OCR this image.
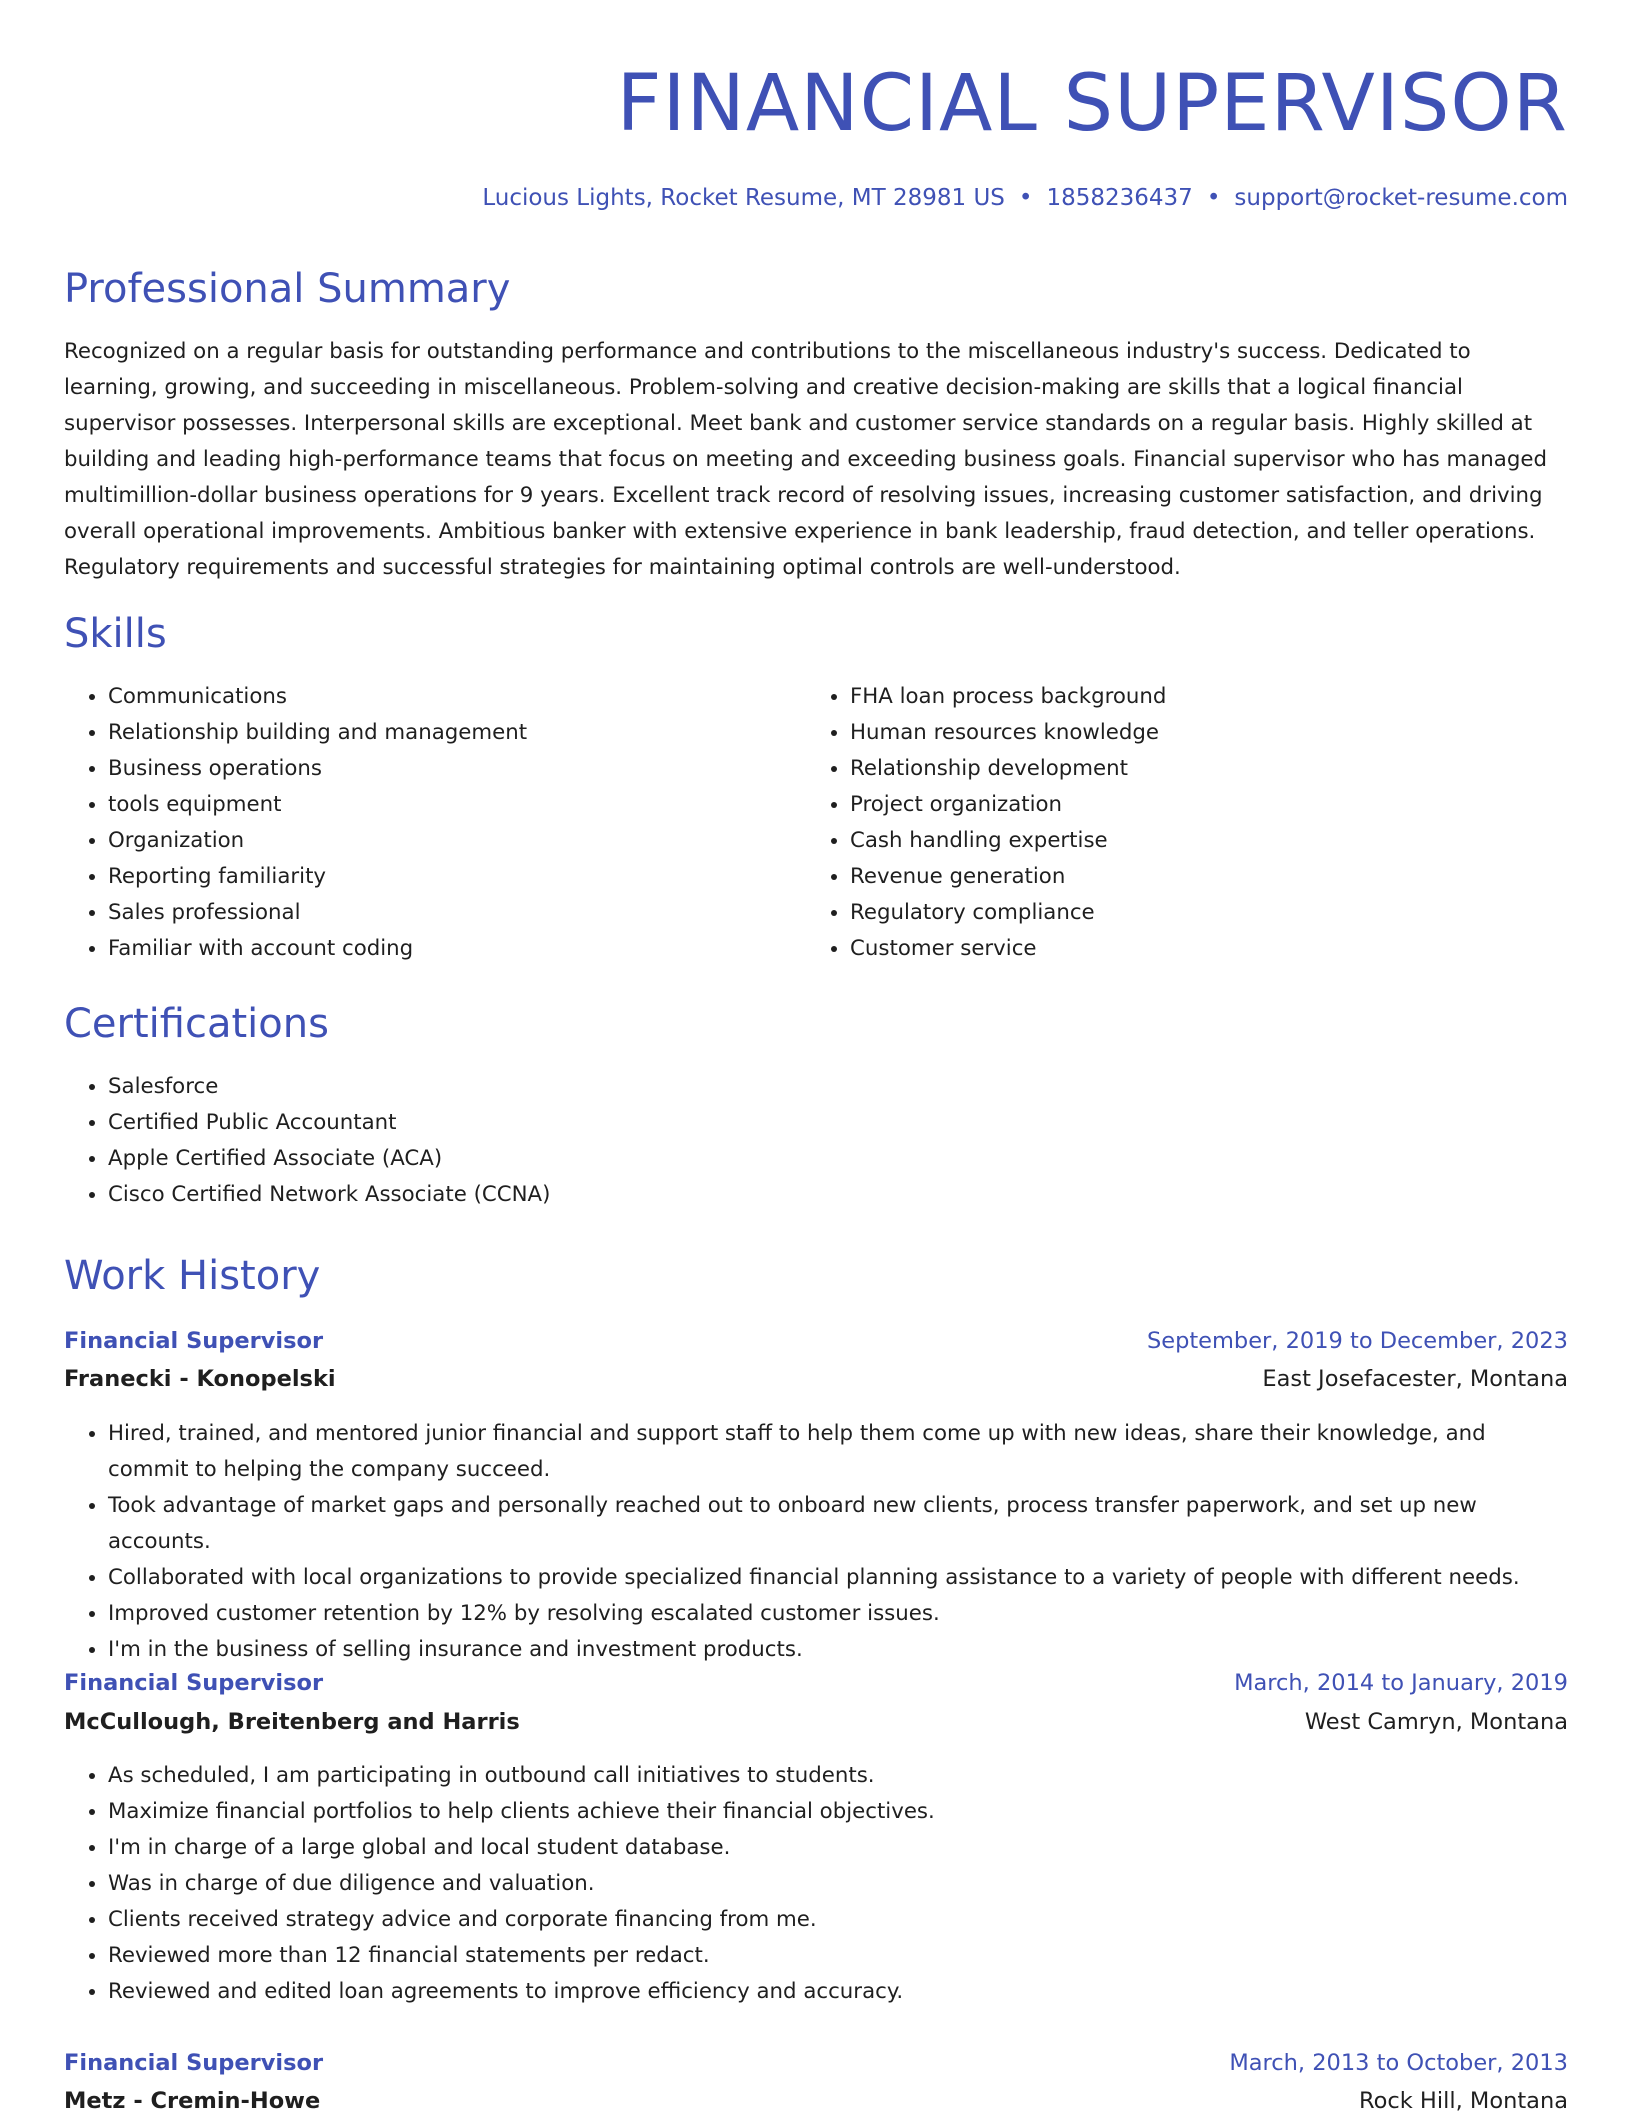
FINANCIAL SUPERVISOR
Lucious Lights, Rocket Resume, MT 28981 US • 1858236437 • support@rocket-resume.com
Professional Summary

Recognized on a regular basis for outstanding performance and contributions to the miscellaneous industry's success. Dedicated to learning, growing, and succeeding in miscellaneous. Problem-solving and creative decision-making are skills that a logical financial supervisor possesses. Interpersonal skills are exceptional. Meet bank and customer service standards on a regular basis. Highly skilled at building and leading high-performance teams that focus on meeting and exceeding business goals. Financial supervisor who has managed multimillion-dollar business operations for 9 years. Excellent track record of resolving issues, increasing customer satisfaction, and driving overall operational improvements. Ambitious banker with extensive experience in bank leadership, fraud detection, and teller operations. Regulatory requirements and successful strategies for maintaining optimal controls are well-understood.

Skills
• Communications
• Relationship building and management
• Business operations
• tools equipment
• Organization
• Reporting familiarity
• Sales professional
• Familiar with account coding
• FHA loan process background
• Human resources knowledge
• Relationship development
• Project organization
• Cash handling expertise
• Revenue generation
• Regulatory compliance
• Customer service
Certifications
• Salesforce
• Certified Public Accountant
• Apple Certified Associate (ACA)
• Cisco Certified Network Associate (CCNA)
Work History
Financial Supervisor	September, 2019 to December, 2023
Franecki - Konopelski	East Josefacester, Montana
• Hired, trained, and mentored junior financial and support staff to help them come up with new ideas, share their knowledge, and commit to helping the company succeed.
• Took advantage of market gaps and personally reached out to onboard new clients, process transfer paperwork, and set up new accounts.
• Collaborated with local organizations to provide specialized financial planning assistance to a variety of people with different needs.
• Improved customer retention by 12% by resolving escalated customer issues.
• I'm in the business of selling insurance and investment products.
Financial Supervisor	March, 2014 to January, 2019
McCullough, Breitenberg and Harris	West Camryn, Montana
• As scheduled, I am participating in outbound call initiatives to students.
• Maximize financial portfolios to help clients achieve their financial objectives.
• I'm in charge of a large global and local student database.
• Was in charge of due diligence and valuation.
• Clients received strategy advice and corporate financing from me.
• Reviewed more than 12 financial statements per redact.
• Reviewed and edited loan agreements to improve efficiency and accuracy.
Financial Supervisor	March, 2013 to October, 2013
Metz - Cremin-Howe	Rock Hill, Montana
